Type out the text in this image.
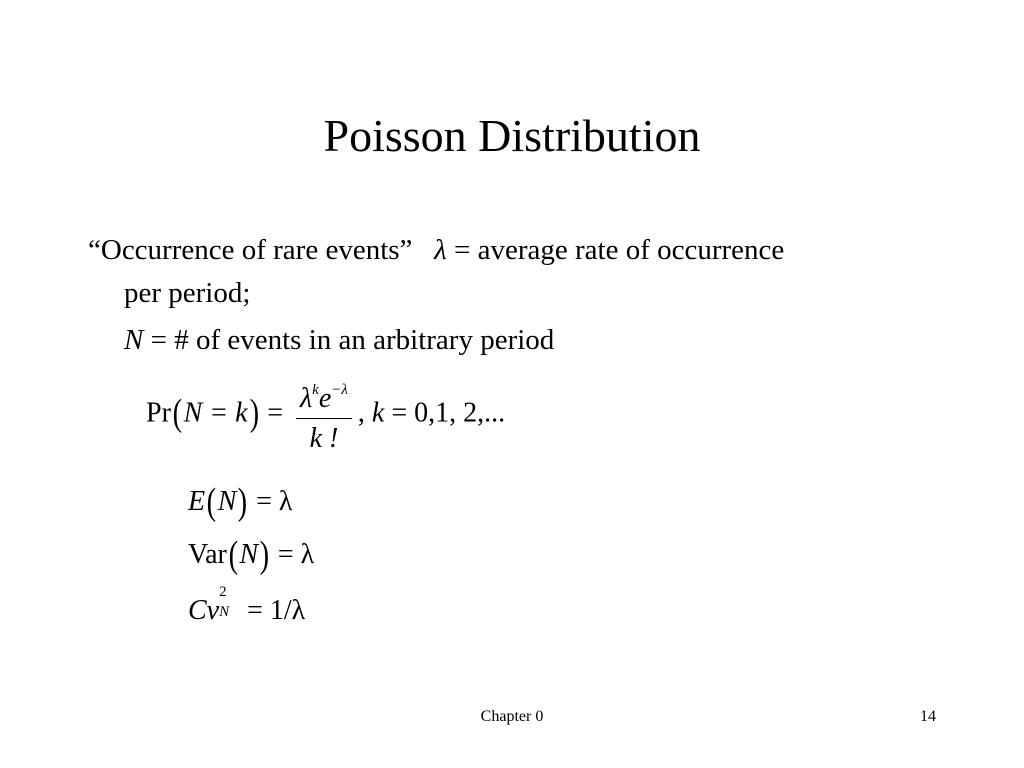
Poisson Distribution
“Occurrence of rare events” λ = average rate of occurrence
per period;
N = # of events in an arbitrary period
$Pr(N = k) = \frac{\lambda^ke^{-\lambda}}{k !}$ , k = 0,1, 2,...
E(N) = λ
Var(N) = λ
Cv
2
N = 1/λ
Chapter 0	14
